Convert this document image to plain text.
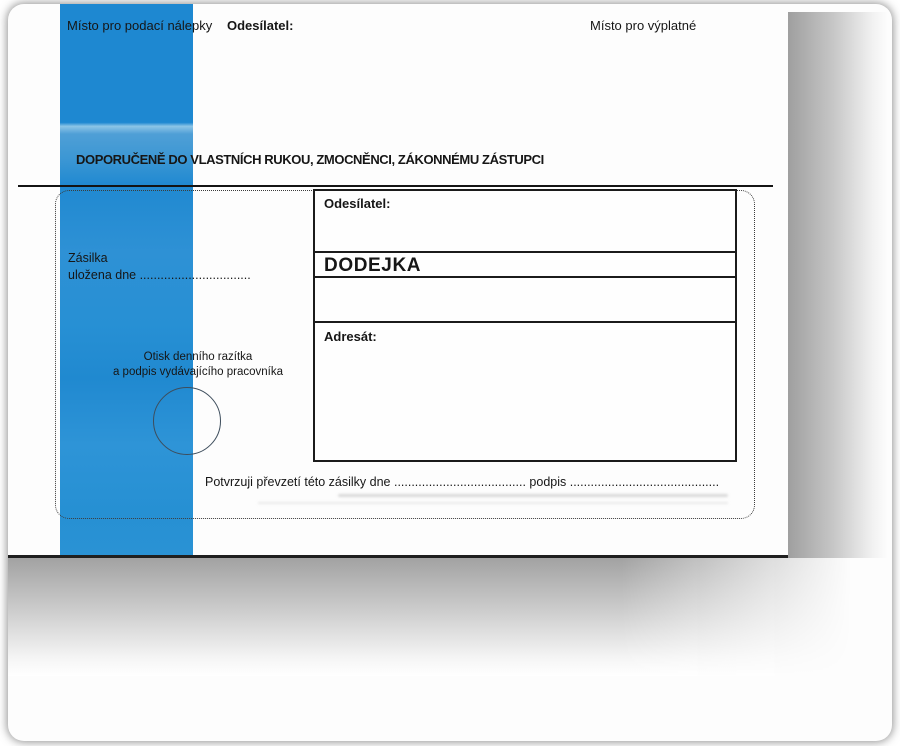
Místo pro podací nálepky Odesílatel:	Místo pro výplatné
DOPORUČENĚ DO VLASTNÍCH RUKOU, ZMOCNĚNCI, ZÁKONNÉMU ZÁSTUPCI
Zásilka
uložena dne ................................
Odesílatel:
DODEJKA
Adresát:
Otisk denního razítka
a podpis vydávajícího pracovníka
Potvrzuji převzetí této zásilky dne ...................................... podpis ...........................................
